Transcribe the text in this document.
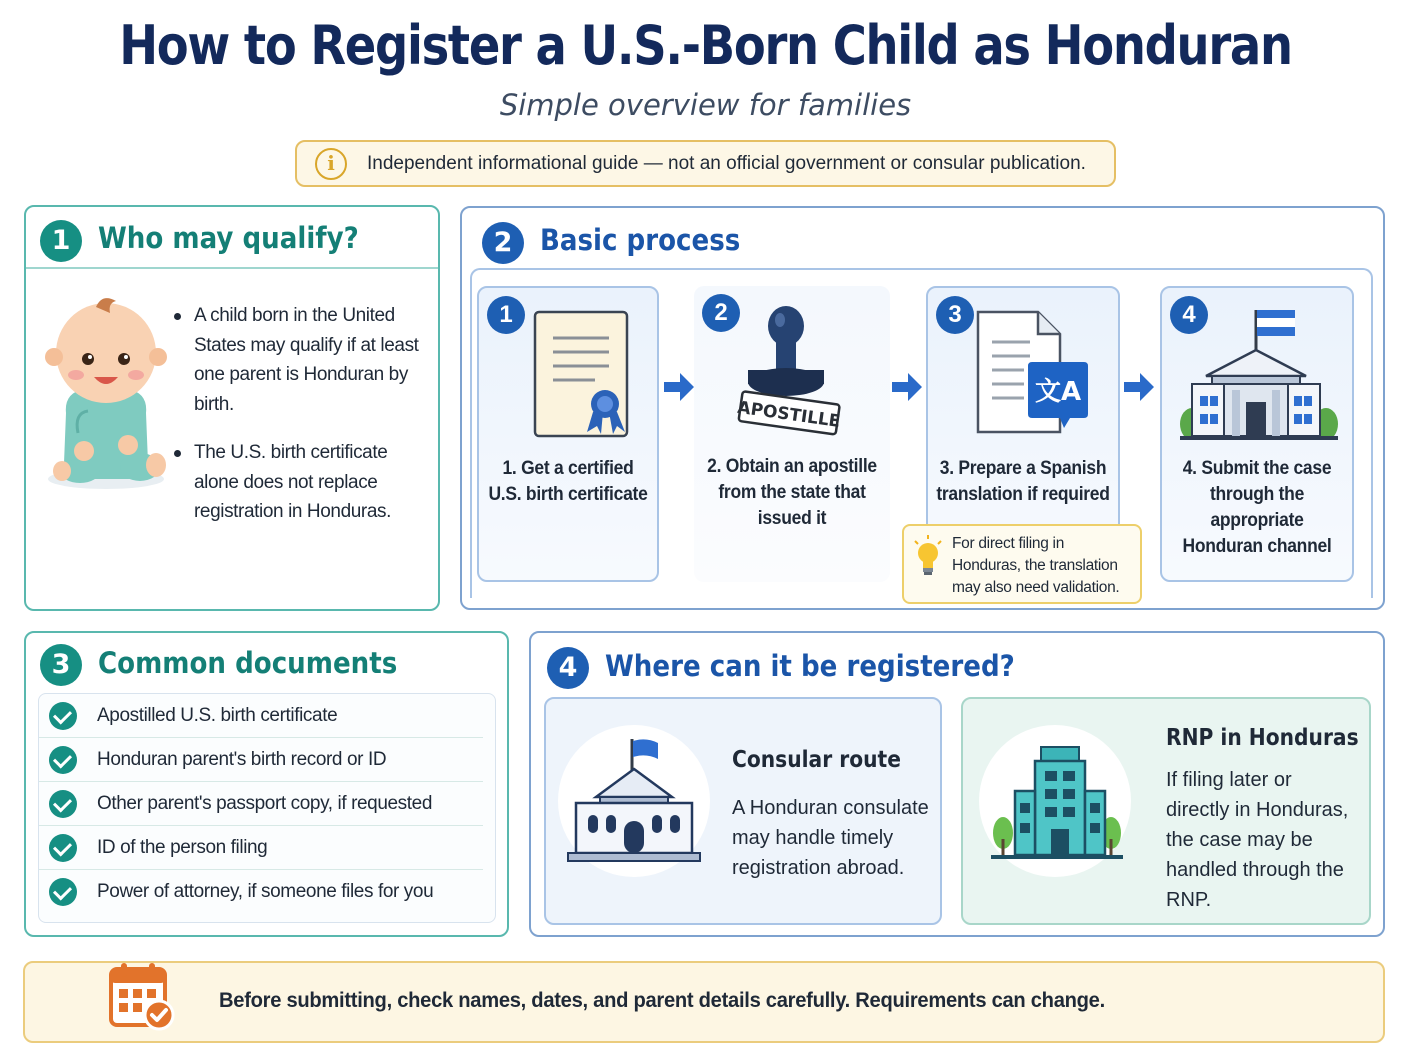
How to Register a U.S.-Born Child as Honduran
Simple overview for families
i	Independent informational guide — not an official government or consular publication.
1 Who may qualify?
A child born in the United States may qualify if at least one parent is Honduran by birth.
The U.S. birth certificate alone does not replace registration in Honduras.
2 Basic process
1
1. Get a certified U.S. birth certificate
2
APOSTILLE
2. Obtain an apostille from the state that issued it
3
文A
3. Prepare a Spanish translation if required
4
4. Submit the case through the appropriate Honduran channel
For direct filing in Honduras, the translation may also need validation.
3 Common documents
Apostilled U.S. birth certificate
Honduran parent's birth record or ID
Other parent's passport copy, if requested
ID of the person filing
Power of attorney, if someone files for you
4 Where can it be registered?
Consular route
A Honduran consulate may handle timely registration abroad.
RNP in Honduras
If filing later or directly in Honduras, the case may be handled through the RNP.
Before submitting, check names, dates, and parent details carefully. Requirements can change.
